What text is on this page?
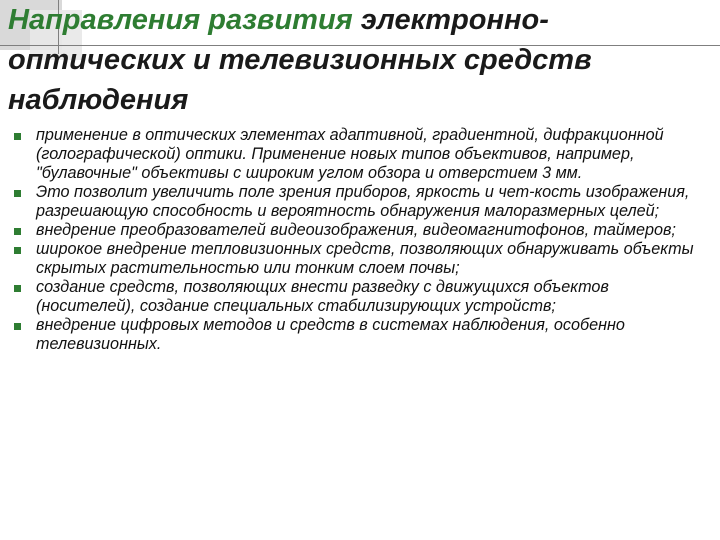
Направления развития электронно-оптических и телевизионных средств наблюдения
применение в оптических элементах адаптивной, градиентной, дифракционной (голографической) оптики. Применение новых типов объективов, например, "булавочные" объективы с широким углом обзора и отверстием 3 мм.
Это позволит увеличить поле зрения приборов, яркость и чет-кость изображения, разрешающую способность и вероятность обнаружения малоразмерных целей;
внедрение преобразователей видеоизображения, видеомагнитофонов, таймеров;
широкое внедрение тепловизионных средств, позволяющих обнаруживать объекты скрытых растительностью или тонким слоем почвы;
создание средств, позволяющих внести разведку с движущихся объектов (носителей), создание специальных стабилизирующих устройств;
внедрение цифровых методов и средств в системах наблюдения, особенно телевизионных.
